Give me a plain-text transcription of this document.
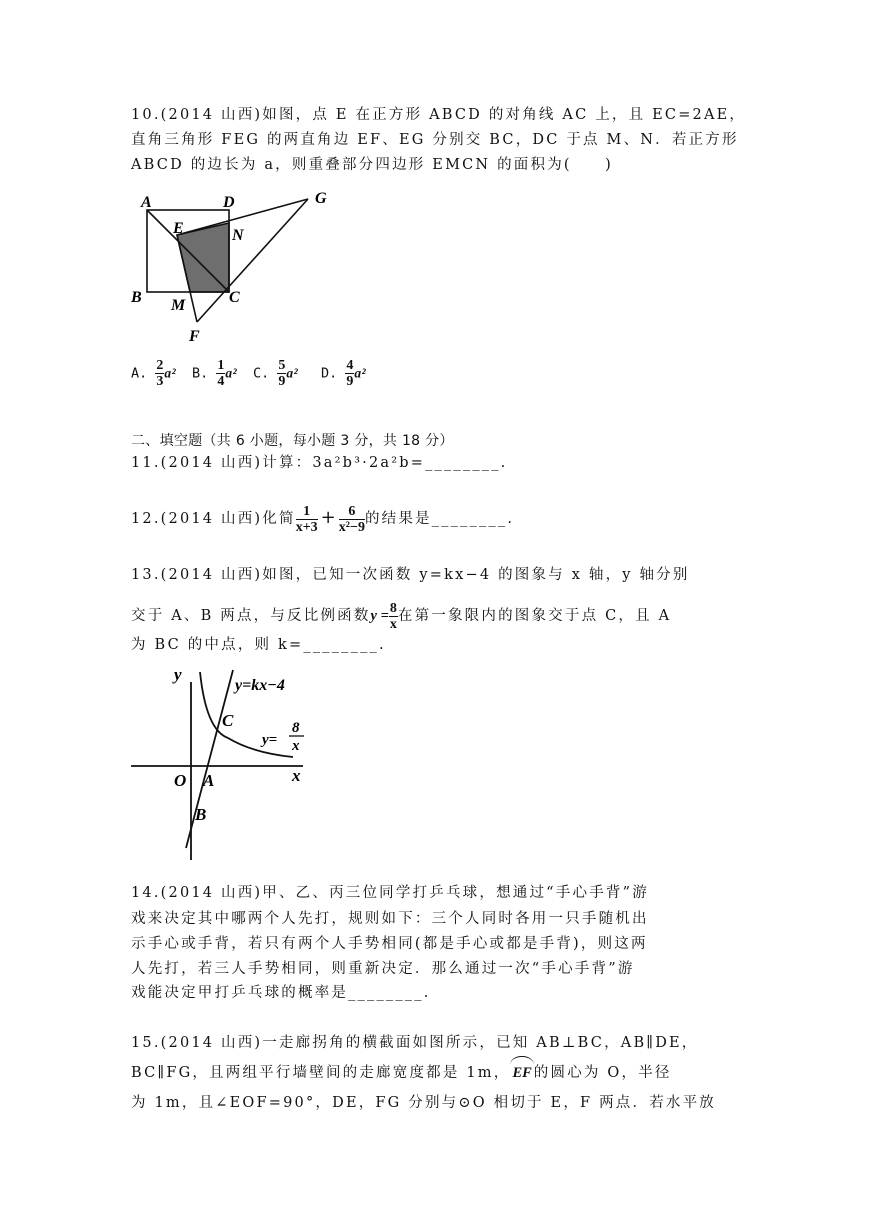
10.(2014 山西)如图，点 E 在正方形 ABCD 的对角线 AC 上，且 EC=2AE，
直角三角形 FEG 的两直角边 EF、EG 分别交 BC，DC 于点 M、N．若正方形
ABCD 的边长为 a，则重叠部分四边形 EMCN 的面积为(　　)
A	D	G
E	N
B M	C
F
A. $\frac{2}{3} a^2$ B. $\frac{1}{4} a^2$ C. $\frac{5}{9} a^2$ D. $\frac{4}{9} a^2$
二、填空题（共 6 小题，每小题 3 分，共 18 分）
11.(2014 山西)计算：3a²b³·2a²b=________.
12.(2014 山西)化简 $\frac{1}{x+3} + \frac{6}{\text{x²−9}}$ 的结果是________.
13.(2014 山西)如图，已知一次函数 y=kx−4 的图象与 x 轴，y 轴分别
交于 A、B 两点，与反比例函数$y = \frac{8}{x}$ 在第一象限内的图象交于点 C，且 A
为 BC 的中点，则 k=________.
y
x
O A
B
C
y=kx−4
y=
8
x
14.(2014 山西)甲、乙、丙三位同学打乒乓球，想通过“手心手背”游
戏来决定其中哪两个人先打，规则如下：三个人同时各用一只手随机出
示手心或手背，若只有两个人手势相同(都是手心或都是手背)，则这两
人先打，若三人手势相同，则重新决定．那么通过一次“手心手背”游
戏能决定甲打乒乓球的概率是________.
15.(2014 山西)一走廊拐角的横截面如图所示，已知 AB⊥BC，AB∥DE，
BC∥FG，且两组平行墙壁间的走廊宽度都是 1m， EF 的圆心为 O，半径
为 1m，且∠EOF=90°，DE，FG 分别与⊙O 相切于 E，F 两点．若水平放
